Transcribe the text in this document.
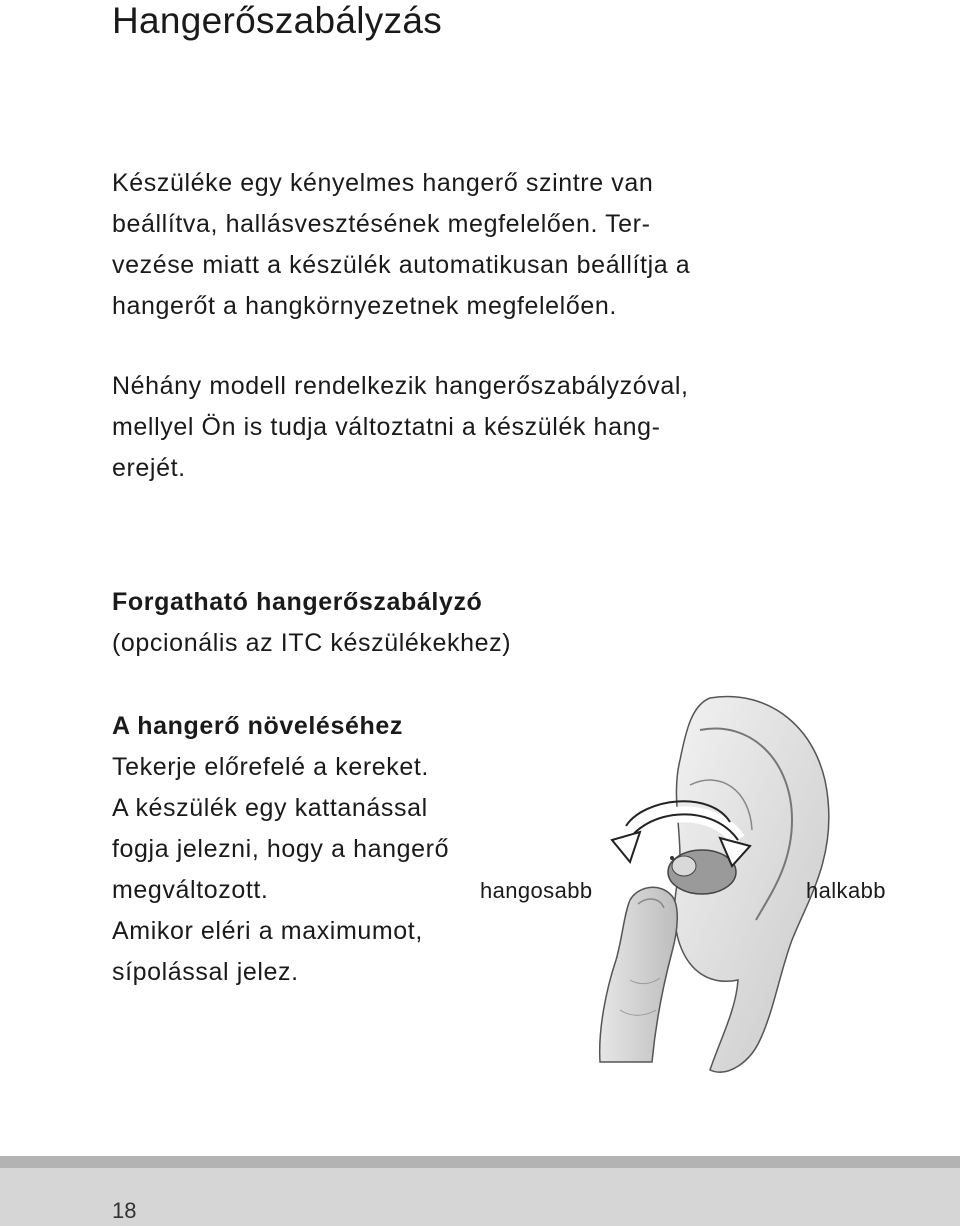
Hangerőszabályzás

Készüléke egy kényelmes hangerő szintre van
beállítva, hallásvesztésének megfelelően. Ter-
vezése miatt a készülék automatikusan beállítja a
hangerőt a hangkörnyezetnek megfelelően.

Néhány modell rendelkezik hangerőszabályzóval,
mellyel Ön is tudja változtatni a készülék hang-
erejét.

Forgatható hangerőszabályzó
(opcionális az ITC készülékekhez)
A hangerő növeléséhez
Tekerje előrefelé a kereket.
A készülék egy kattanással
fogja jelezni, hogy a hangerő
megváltozott.
Amikor eléri a maximumot,
sípolással jelez.
hangosabb	halkabb
18
